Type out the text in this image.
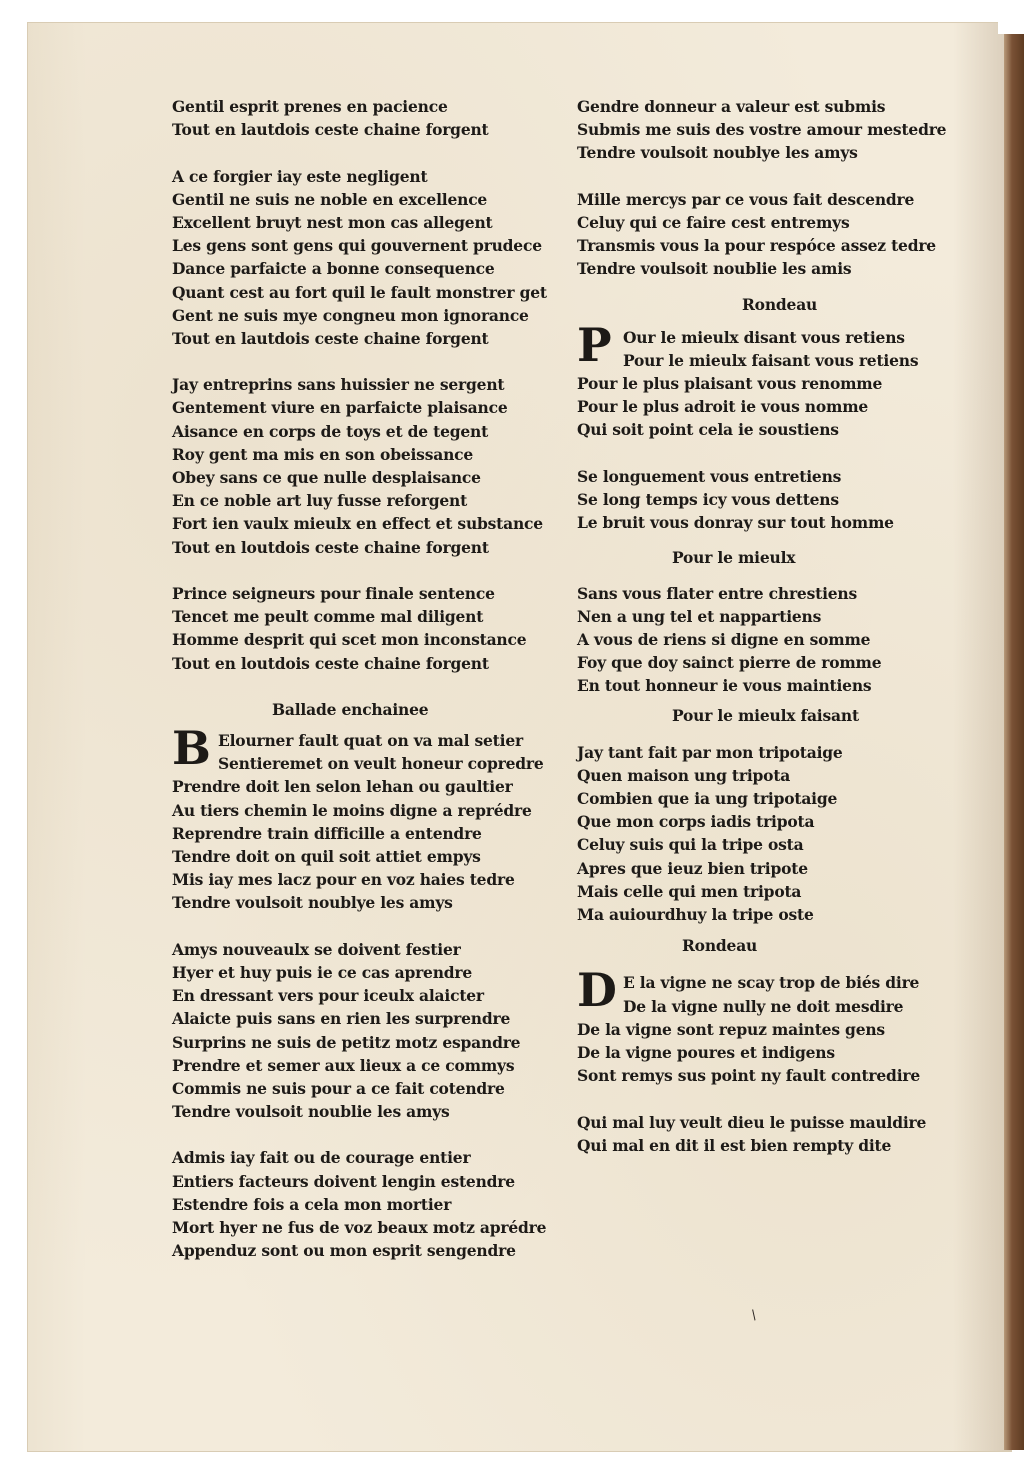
Gentil esprit prenes en pacience
Tout en lautdois ceste chaine forgent
A ce forgier iay este negligent
Gentil ne suis ne noble en excellence
Excellent bruyt nest mon cas allegent
Les gens sont gens qui gouvernent prudece
Dance parfaicte a bonne consequence
Quant cest au fort quil le fault monstrer get
Gent ne suis mye congneu mon ignorance
Tout en lautdois ceste chaine forgent
Jay entreprins sans huissier ne sergent
Gentement viure en parfaicte plaisance
Aisance en corps de toys et de tegent
Roy gent ma mis en son obeissance
Obey sans ce que nulle desplaisance
En ce noble art luy fusse reforgent
Fort ien vaulx mieulx en effect et substance
Tout en loutdois ceste chaine forgent
Prince seigneurs pour finale sentence
Tencet me peult comme mal diligent
Homme desprit qui scet mon inconstance
Tout en loutdois ceste chaine forgent
Ballade enchainee
B Elourner fault quat on va mal setier
Sentieremet on veult honeur copredre
Prendre doit len selon lehan ou gaultier
Au tiers chemin le moins digne a reprédre
Reprendre train difficille a entendre
Tendre doit on quil soit attiet empys
Mis iay mes lacz pour en voz haies tedre
Tendre voulsoit noublye les amys
Amys nouveaulx se doivent festier
Hyer et huy puis ie ce cas aprendre
En dressant vers pour iceulx alaicter
Alaicte puis sans en rien les surprendre
Surprins ne suis de petitz motz espandre
Prendre et semer aux lieux a ce commys
Commis ne suis pour a ce fait cotendre
Tendre voulsoit noublie les amys
Admis iay fait ou de courage entier
Entiers facteurs doivent lengin estendre
Estendre fois a cela mon mortier
Mort hyer ne fus de voz beaux motz aprédre
Appenduz sont ou mon esprit sengendre
Gendre donneur a valeur est submis
Submis me suis des vostre amour mestedre
Tendre voulsoit noublye les amys
Mille mercys par ce vous fait descendre
Celuy qui ce faire cest entremys
Transmis vous la pour respóce assez tedre
Tendre voulsoit noublie les amis
Rondeau
P Our le mieulx disant vous retiens
Pour le mieulx faisant vous retiens
Pour le plus plaisant vous renomme
Pour le plus adroit ie vous nomme
Qui soit point cela ie soustiens
Se longuement vous entretiens
Se long temps icy vous dettens
Le bruit vous donray sur tout homme
Pour le mieulx
Sans vous flater entre chrestiens
Nen a ung tel et nappartiens
A vous de riens si digne en somme
Foy que doy sainct pierre de romme
En tout honneur ie vous maintiens
Pour le mieulx faisant
Jay tant fait par mon tripotaige
Quen maison ung tripota
Combien que ia ung tripotaige
Que mon corps iadis tripota
Celuy suis qui la tripe osta
Apres que ieuz bien tripote
Mais celle qui men tripota
Ma auiourdhuy la tripe oste
Rondeau
D E la vigne ne scay trop de biés dire
De la vigne nully ne doit mesdire
De la vigne sont repuz maintes gens
De la vigne poures et indigens
Sont remys sus point ny fault contredire
Qui mal luy veult dieu le puisse mauldire
Qui mal en dit il est bien rempty dite
/
